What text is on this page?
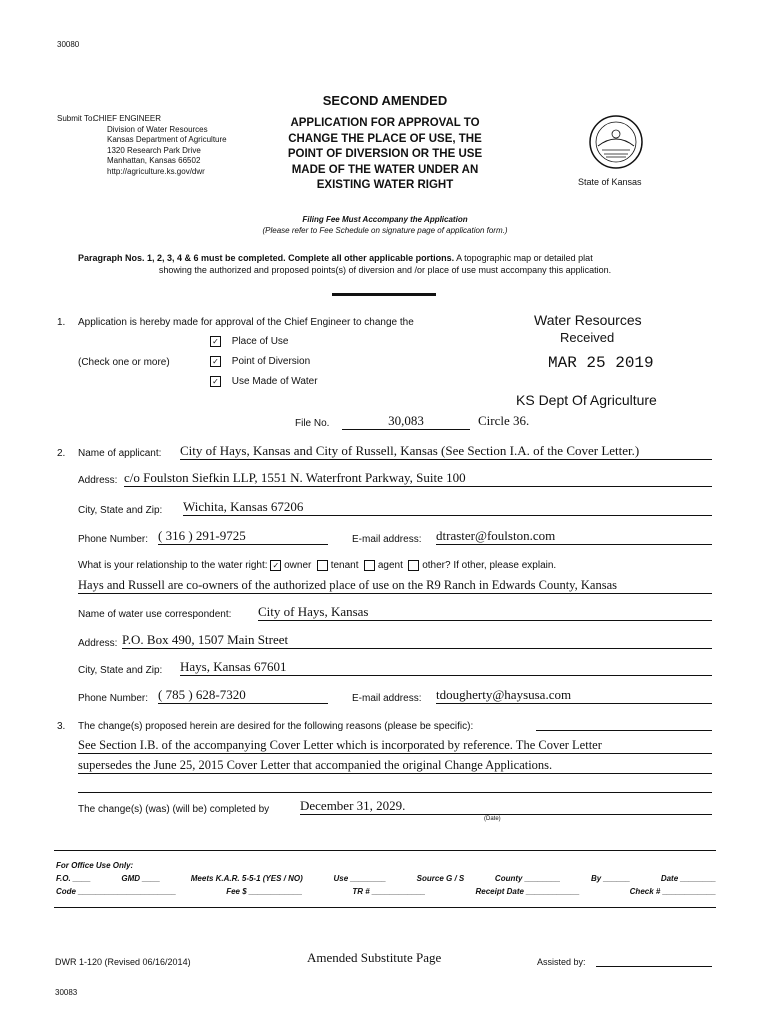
30080
Submit To:
CHIEF ENGINEER
Division of Water Resources
Kansas Department of Agriculture
1320 Research Park Drive
Manhattan, Kansas 66502
http://agriculture.ks.gov/dwr
SECOND AMENDED
APPLICATION FOR APPROVAL TO
CHANGE THE PLACE OF USE, THE
POINT OF DIVERSION OR THE USE
MADE OF THE WATER UNDER AN
EXISTING WATER RIGHT	State of Kansas
Filing Fee Must Accompany the Application
(Please refer to Fee Schedule on signature page of application form.)
Paragraph Nos. 1, 2, 3, 4 & 6 must be completed. Complete all other applicable portions. A topographic map or detailed plat
showing the authorized and proposed points(s) of diversion and /or place of use must accompany this application.
1. Application is hereby made for approval of the Chief Engineer to change the
(Check one or more)
✓ Place of Use
✓ Point of Diversion
✓ Use Made of Water
Water Resources
Received
MAR 25 2019
KS Dept Of Agriculture
File No.	30,083	Circle 36.
2. Name of applicant: City of Hays, Kansas and City of Russell, Kansas (See Section I.A. of the Cover Letter.)
Address: c/o Foulston Siefkin LLP, 1551 N. Waterfront Parkway, Suite 100
City, State and Zip: Wichita, Kansas 67206
Phone Number: ( 316 ) 291-9725	E-mail address: dtraster@foulston.com
What is your relationship to the water right: ✓ owner tenant agent other? If other, please explain.
Hays and Russell are co-owners of the authorized place of use on the R9 Ranch in Edwards County, Kansas
Name of water use correspondent: City of Hays, Kansas
Address: P.O. Box 490, 1507 Main Street
City, State and Zip: Hays, Kansas 67601
Phone Number: ( 785 ) 628-7320	E-mail address: tdougherty@haysusa.com
3. The change(s) proposed herein are desired for the following reasons (please be specific):
See Section I.B. of the accompanying Cover Letter which is incorporated by reference. The Cover Letter
supersedes the June 25, 2015 Cover Letter that accompanied the original Change Applications.
The change(s) (was) (will be) completed by December 31, 2029.
(Date)
For Office Use Only:
F.O. ____	GMD ____	Meets K.A.R. 5-5-1 (YES / NO)	Use ________	Source G / S	County ________	By ______	Date ________
Code ______________________	Fee $ ____________	TR # ____________	Receipt Date ____________	Check # ____________
DWR 1-120 (Revised 06/16/2014)	Amended Substitute Page	Assisted by:
30083
